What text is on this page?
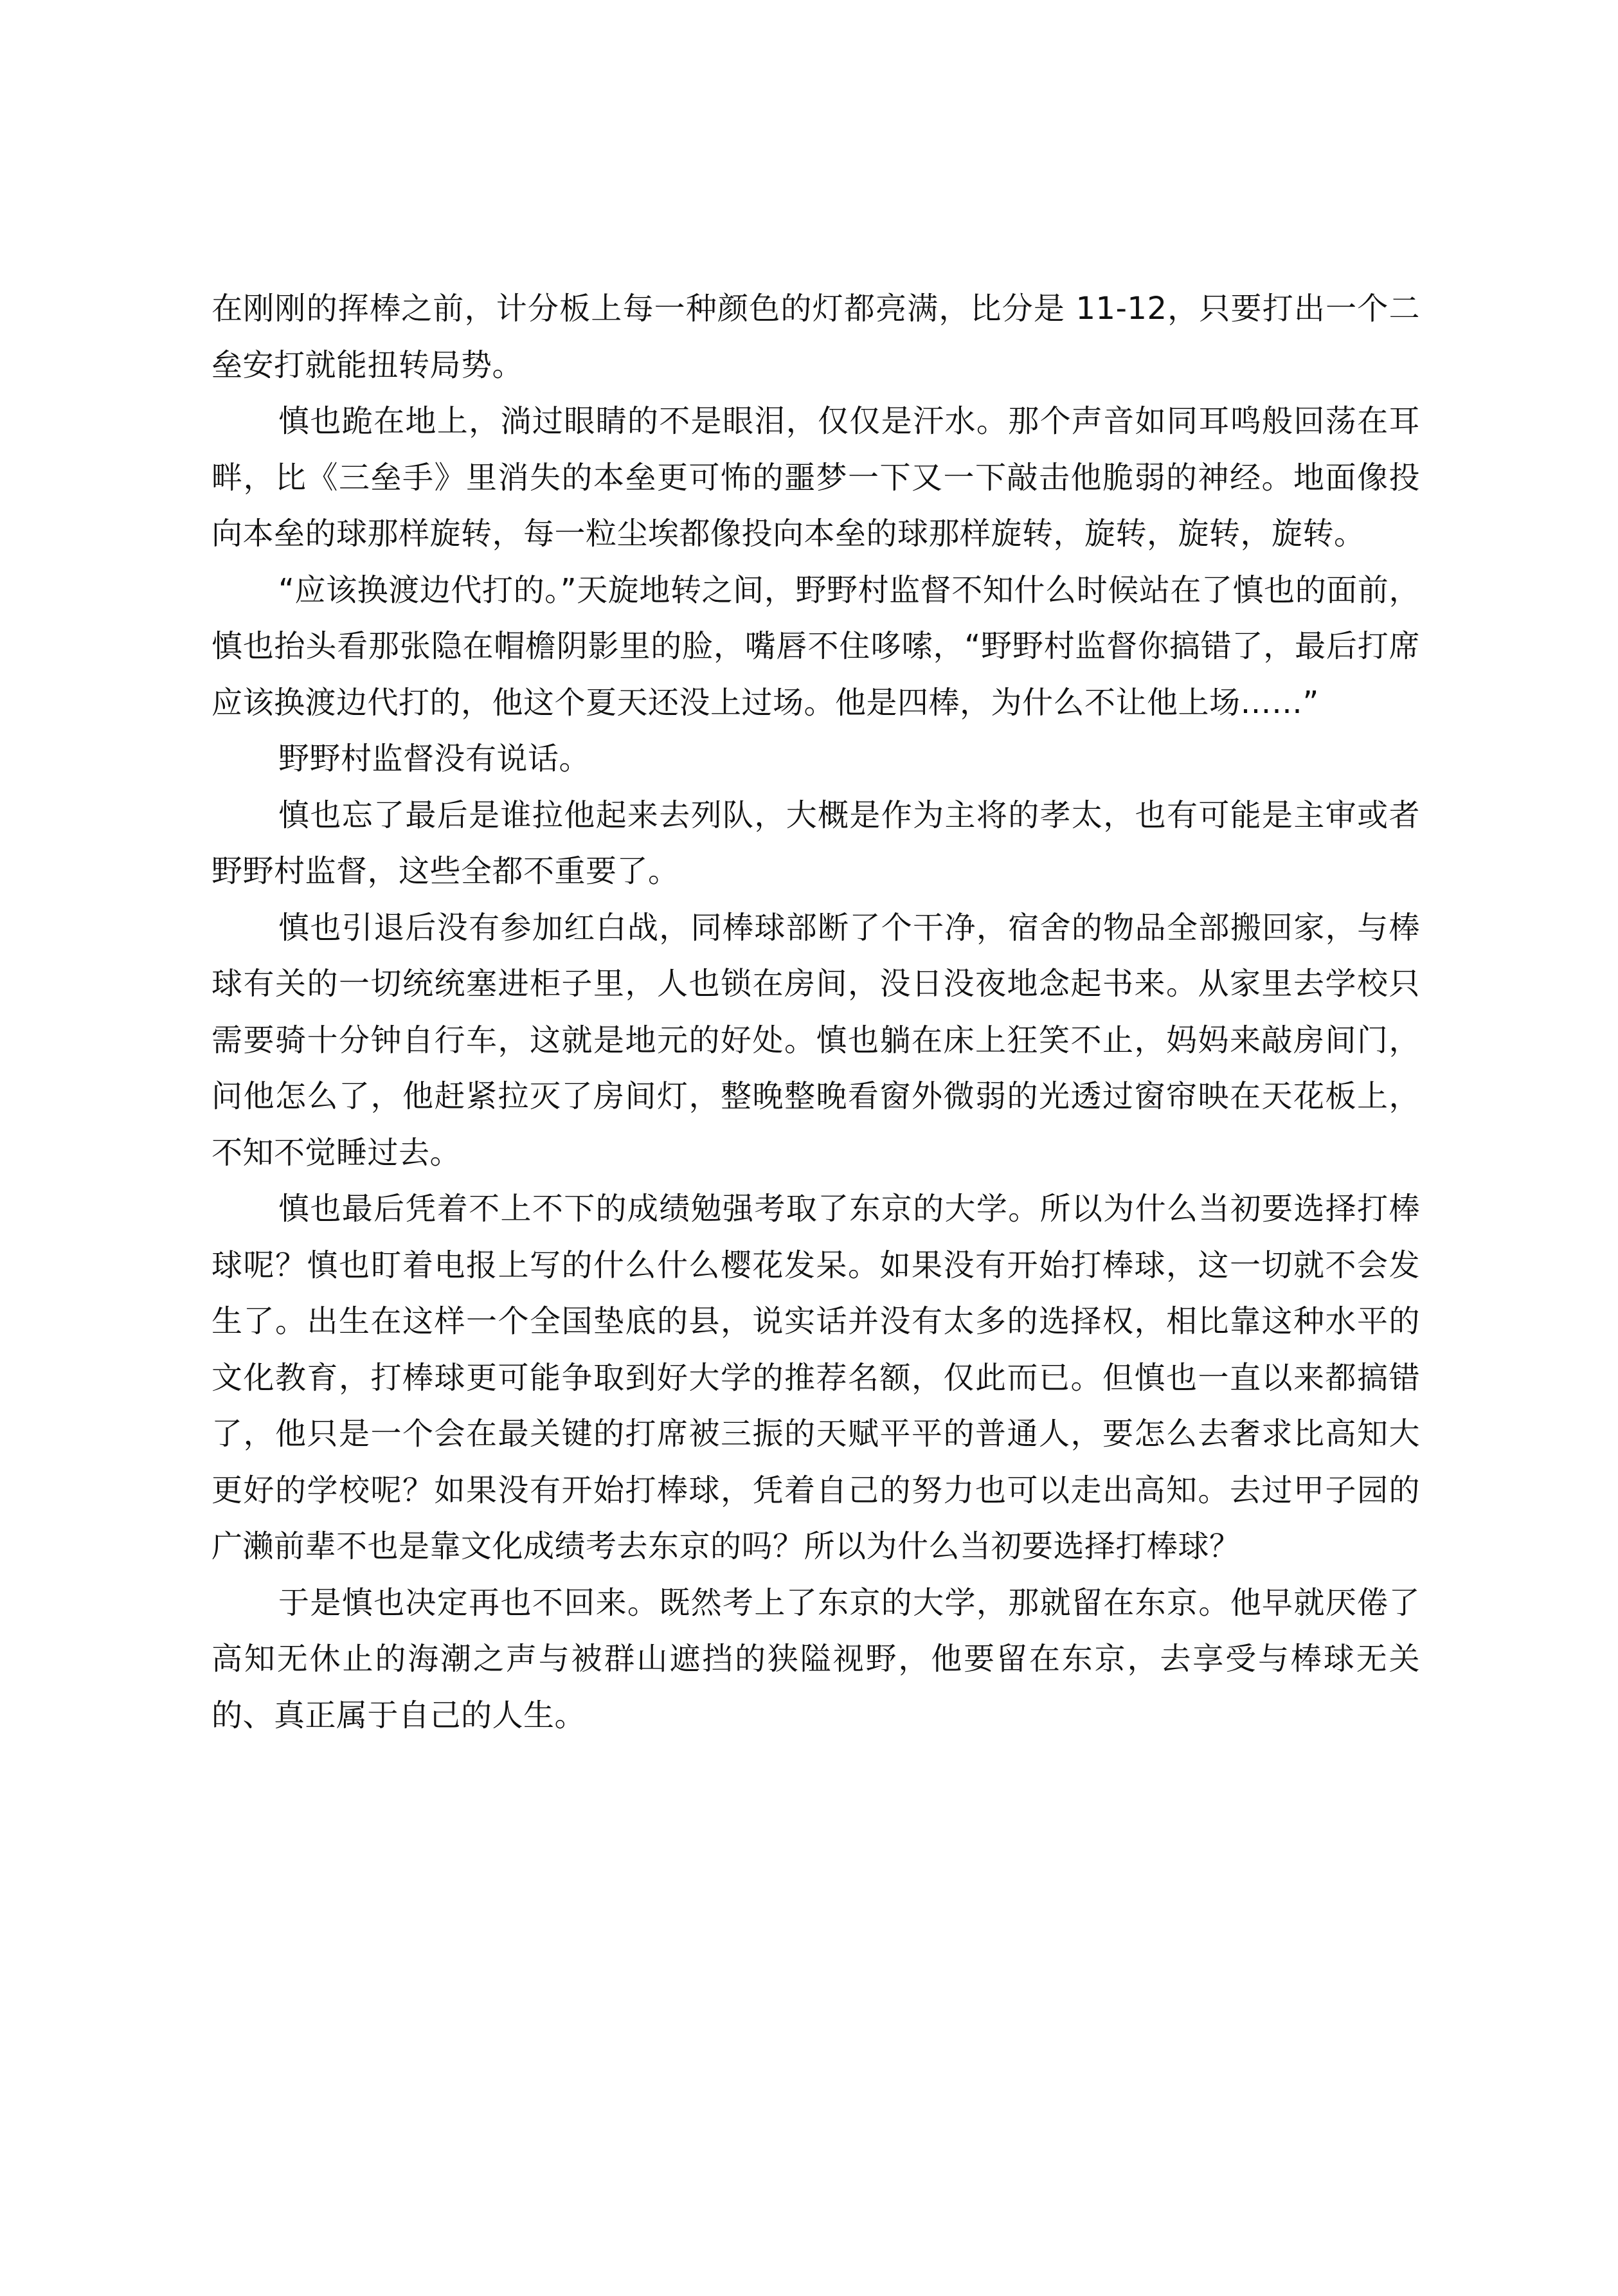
在刚刚的挥棒之前，计分板上每一种颜色的灯都亮满，比分是 11-12，只要打出一个二垒安打就能扭转局势。

慎也跪在地上，淌过眼睛的不是眼泪，仅仅是汗水。那个声音如同耳鸣般回荡在耳畔，比《三垒手》里消失的本垒更可怖的噩梦一下又一下敲击他脆弱的神经。地面像投向本垒的球那样旋转，每一粒尘埃都像投向本垒的球那样旋转，旋转，旋转，旋转。

“应该换渡边代打的。”天旋地转之间，野野村监督不知什么时候站在了慎也的面前，慎也抬头看那张隐在帽檐阴影里的脸，嘴唇不住哆嗦，“野野村监督你搞错了，最后打席应该换渡边代打的，他这个夏天还没上过场。他是四棒，为什么不让他上场……”

野野村监督没有说话。

慎也忘了最后是谁拉他起来去列队，大概是作为主将的孝太，也有可能是主审或者野野村监督，这些全都不重要了。

慎也引退后没有参加红白战，同棒球部断了个干净，宿舍的物品全部搬回家，与棒球有关的一切统统塞进柜子里，人也锁在房间，没日没夜地念起书来。从家里去学校只需要骑十分钟自行车，这就是地元的好处。慎也躺在床上狂笑不止，妈妈来敲房间门，问他怎么了，他赶紧拉灭了房间灯，整晚整晚看窗外微弱的光透过窗帘映在天花板上，不知不觉睡过去。

慎也最后凭着不上不下的成绩勉强考取了东京的大学。所以为什么当初要选择打棒球呢？慎也盯着电报上写的什么什么樱花发呆。如果没有开始打棒球，这一切就不会发生了。出生在这样一个全国垫底的县，说实话并没有太多的选择权，相比靠这种水平的文化教育，打棒球更可能争取到好大学的推荐名额，仅此而已。但慎也一直以来都搞错了，他只是一个会在最关键的打席被三振的天赋平平的普通人，要怎么去奢求比高知大更好的学校呢？如果没有开始打棒球，凭着自己的努力也可以走出高知。去过甲子园的广濑前辈不也是靠文化成绩考去东京的吗？所以为什么当初要选择打棒球？

于是慎也决定再也不回来。既然考上了东京的大学，那就留在东京。他早就厌倦了高知无休止的海潮之声与被群山遮挡的狭隘视野，他要留在东京，去享受与棒球无关的、真正属于自己的人生。
